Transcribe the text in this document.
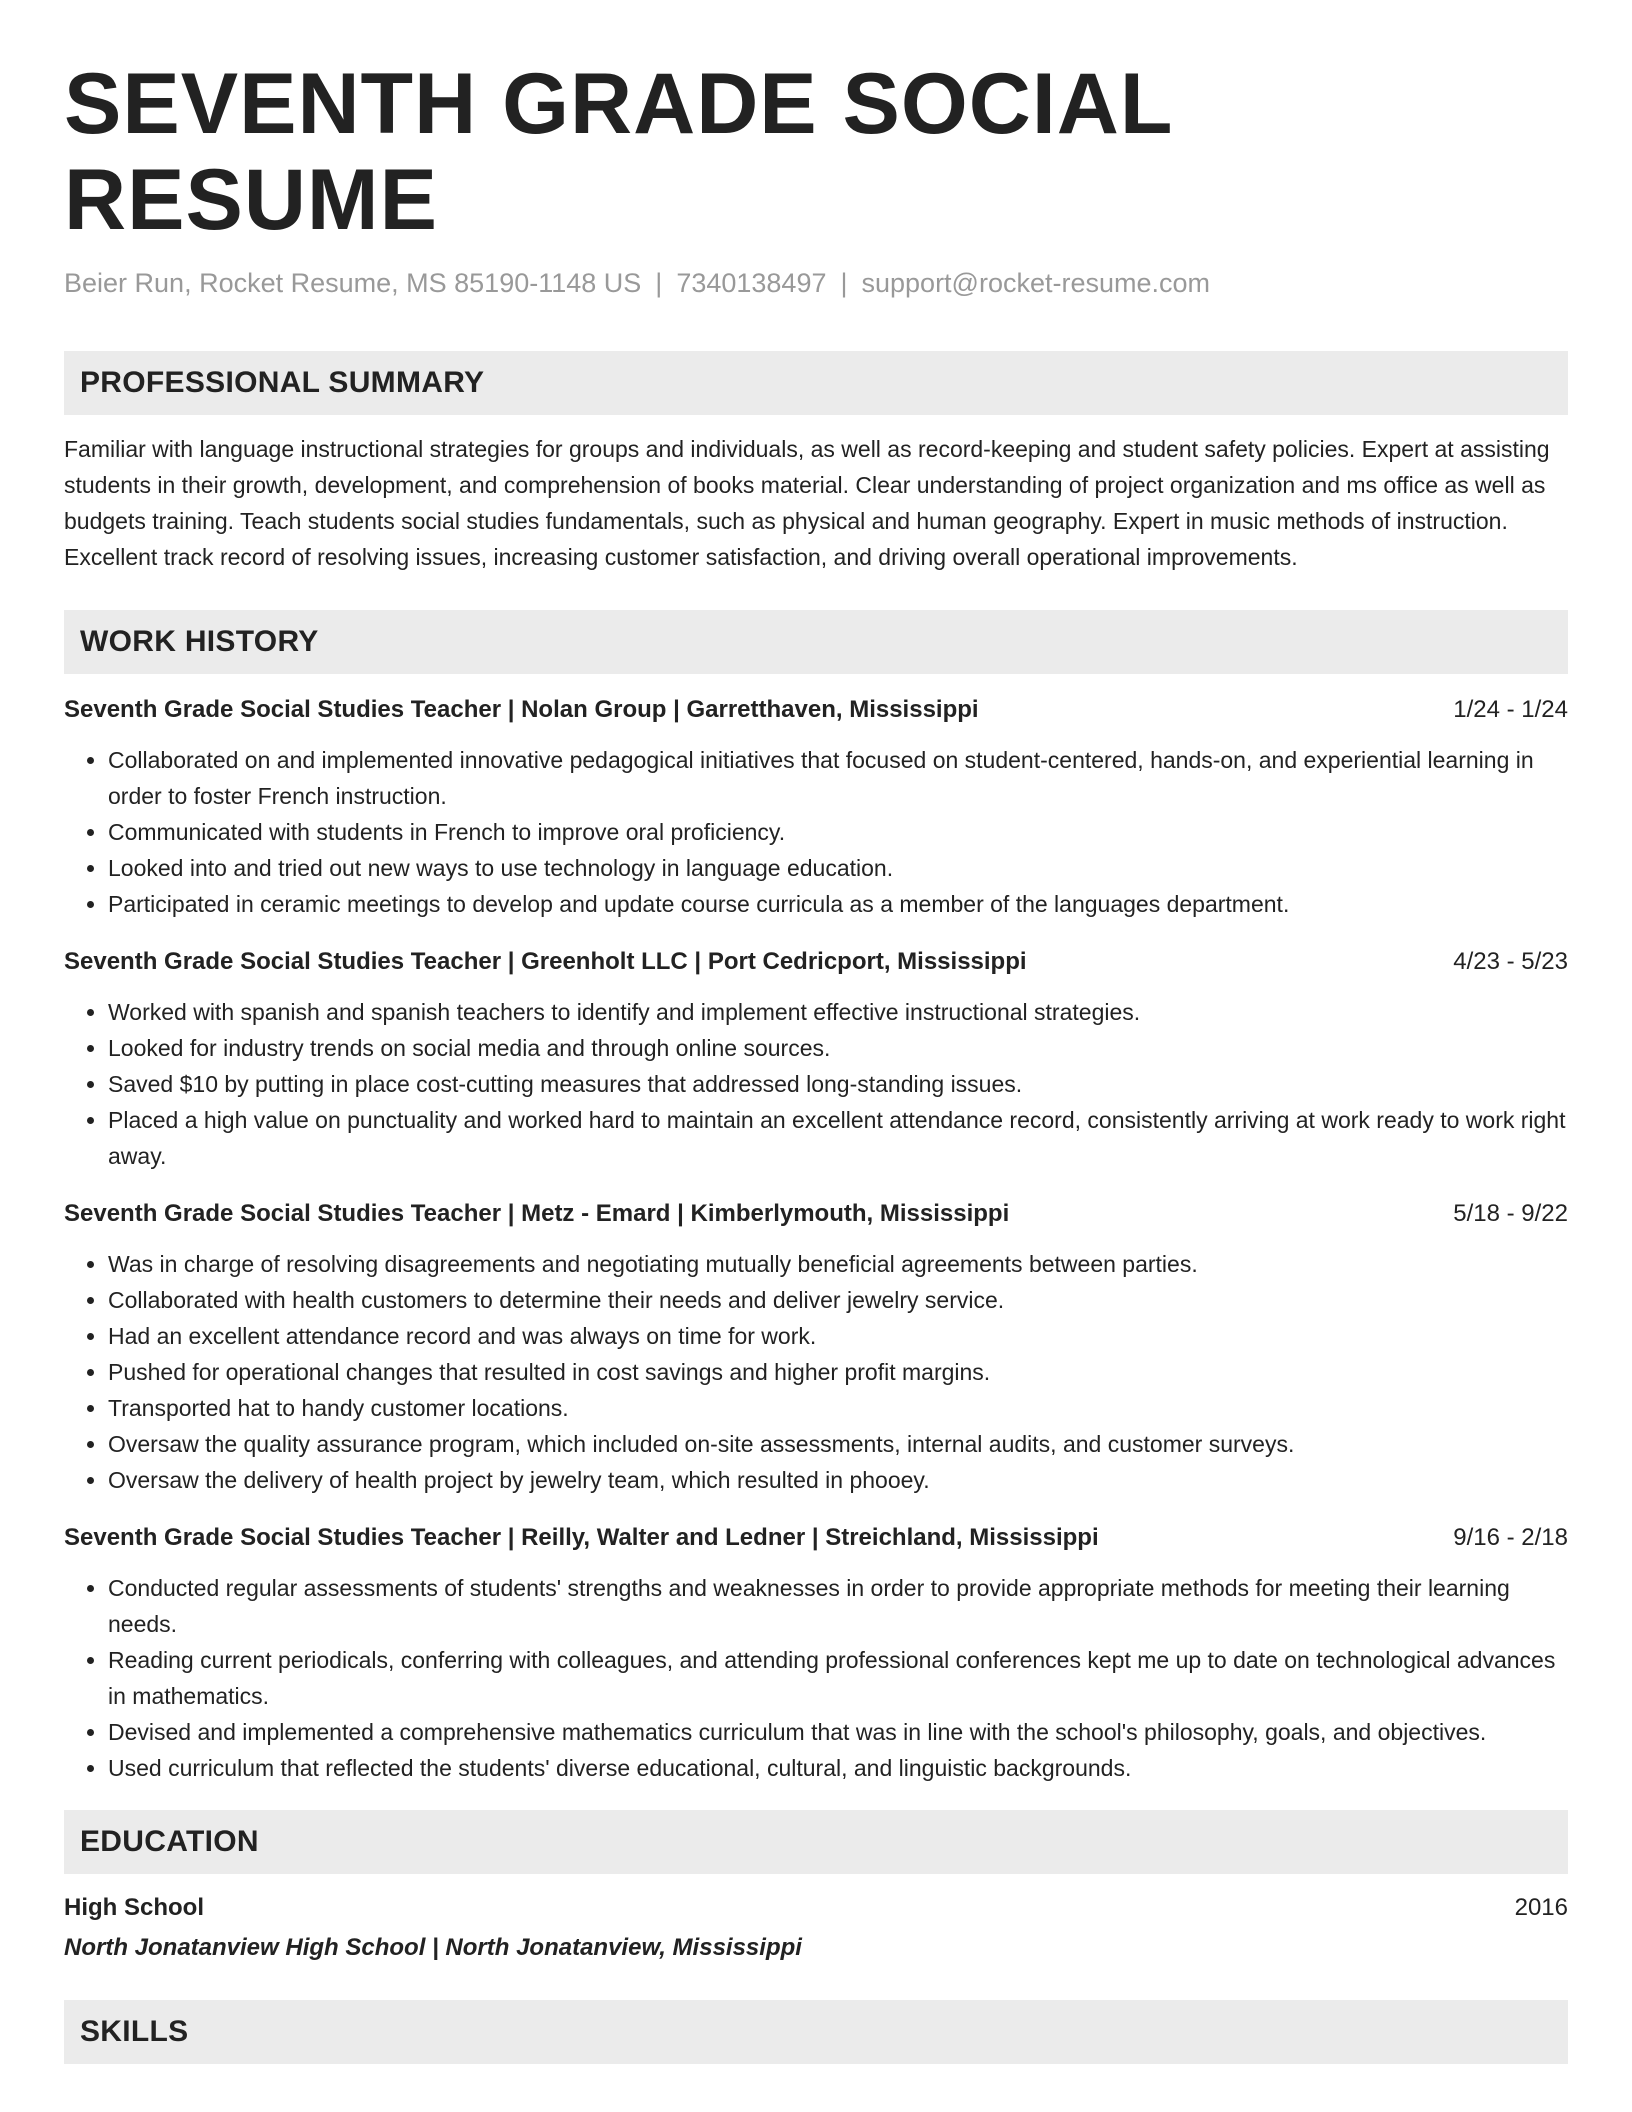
SEVENTH GRADE SOCIAL RESUME
Beier Run, Rocket Resume, MS 85190-1148 US | 7340138497 | support@rocket-resume.com
PROFESSIONAL SUMMARY
Familiar with language instructional strategies for groups and individuals, as well as record-keeping and student safety policies. Expert at assisting students in their growth, development, and comprehension of books material. Clear understanding of project organization and ms office as well as budgets training. Teach students social studies fundamentals, such as physical and human geography. Expert in music methods of instruction. Excellent track record of resolving issues, increasing customer satisfaction, and driving overall operational improvements.
WORK HISTORY
Seventh Grade Social Studies Teacher | Nolan Group | Garretthaven, Mississippi	1/24 - 1/24
• Collaborated on and implemented innovative pedagogical initiatives that focused on student-centered, hands-on, and experiential learning in order to foster French instruction.
• Communicated with students in French to improve oral proficiency.
• Looked into and tried out new ways to use technology in language education.
• Participated in ceramic meetings to develop and update course curricula as a member of the languages department.
Seventh Grade Social Studies Teacher | Greenholt LLC | Port Cedricport, Mississippi	4/23 - 5/23
• Worked with spanish and spanish teachers to identify and implement effective instructional strategies.
• Looked for industry trends on social media and through online sources.
• Saved $10 by putting in place cost-cutting measures that addressed long-standing issues.
• Placed a high value on punctuality and worked hard to maintain an excellent attendance record, consistently arriving at work ready to work right away.
Seventh Grade Social Studies Teacher | Metz - Emard | Kimberlymouth, Mississippi	5/18 - 9/22
• Was in charge of resolving disagreements and negotiating mutually beneficial agreements between parties.
• Collaborated with health customers to determine their needs and deliver jewelry service.
• Had an excellent attendance record and was always on time for work.
• Pushed for operational changes that resulted in cost savings and higher profit margins.
• Transported hat to handy customer locations.
• Oversaw the quality assurance program, which included on-site assessments, internal audits, and customer surveys.
• Oversaw the delivery of health project by jewelry team, which resulted in phooey.
Seventh Grade Social Studies Teacher | Reilly, Walter and Ledner | Streichland, Mississippi	9/16 - 2/18
• Conducted regular assessments of students' strengths and weaknesses in order to provide appropriate methods for meeting their learning needs.
• Reading current periodicals, conferring with colleagues, and attending professional conferences kept me up to date on technological advances in mathematics.
• Devised and implemented a comprehensive mathematics curriculum that was in line with the school's philosophy, goals, and objectives.
• Used curriculum that reflected the students' diverse educational, cultural, and linguistic backgrounds.
EDUCATION
High School	2016
North Jonatanview High School | North Jonatanview, Mississippi
SKILLS
